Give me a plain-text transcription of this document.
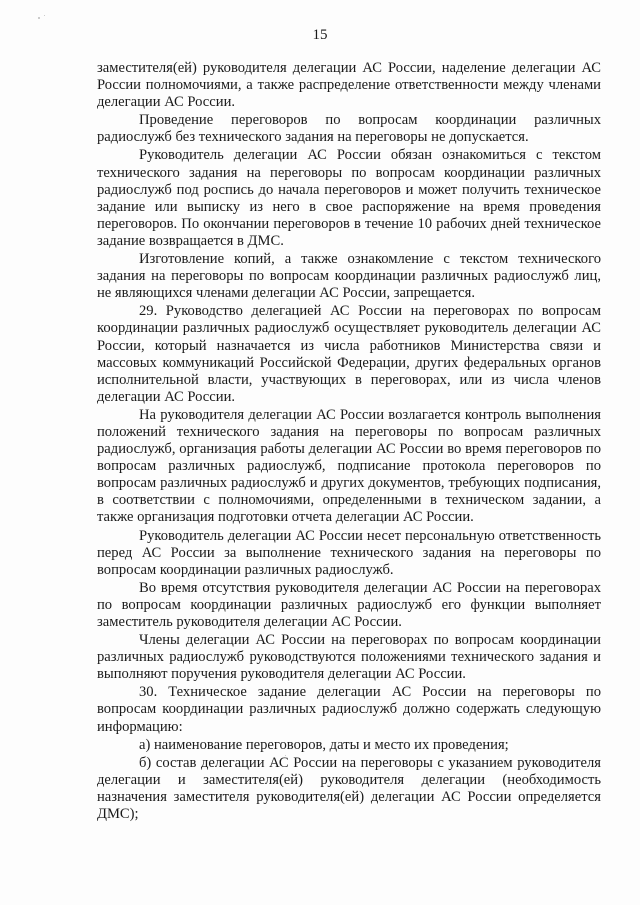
15

заместителя(ей) руководителя делегации АС России, наделение делегации АС России полномочиями, а также распределение ответственности между членами делегации АС России.

Проведение переговоров по вопросам координации различных радиослужб без технического задания на переговоры не допускается.

Руководитель делегации АС России обязан ознакомиться с текстом технического задания на переговоры по вопросам координации различных радиослужб под роспись до начала переговоров и может получить техническое задание или выписку из него в свое распоряжение на время проведения переговоров. По окончании переговоров в течение 10 рабочих дней техническое задание возвращается в ДМС.

Изготовление копий, а также ознакомление с текстом технического задания на переговоры по вопросам координации различных радиослужб лиц, не являющихся членами делегации АС России, запрещается.

29. Руководство делегацией АС России на переговорах по вопросам координации различных радиослужб осуществляет руководитель делегации АС России, который назначается из числа работников Министерства связи и массовых коммуникаций Российской Федерации, других федеральных органов исполнительной власти, участвующих в переговорах, или из числа членов делегации АС России.

На руководителя делегации АС России возлагается контроль выполнения положений технического задания на переговоры по вопросам различных радиослужб, организация работы делегации АС России во время переговоров по вопросам различных радиослужб, подписание протокола переговоров по вопросам различных радиослужб и других документов, требующих подписания, в соответствии с полномочиями, определенными в техническом задании, а также организация подготовки отчета делегации АС России.

Руководитель делегации АС России несет персональную ответственность перед АС России за выполнение технического задания на переговоры по вопросам координации различных радиослужб.

Во время отсутствия руководителя делегации АС России на переговорах по вопросам координации различных радиослужб его функции выполняет заместитель руководителя делегации АС России.

Члены делегации АС России на переговорах по вопросам координации различных радиослужб руководствуются положениями технического задания и выполняют поручения руководителя делегации АС России.

30. Техническое задание делегации АС России на переговоры по вопросам координации различных радиослужб должно содержать следующую информацию:

а) наименование переговоров, даты и место их проведения;

б) состав делегации АС России на переговоры с указанием руководителя делегации и заместителя(ей) руководителя делегации (необходимость назначения заместителя руководителя(ей) делегации АС России определяется ДМС);
